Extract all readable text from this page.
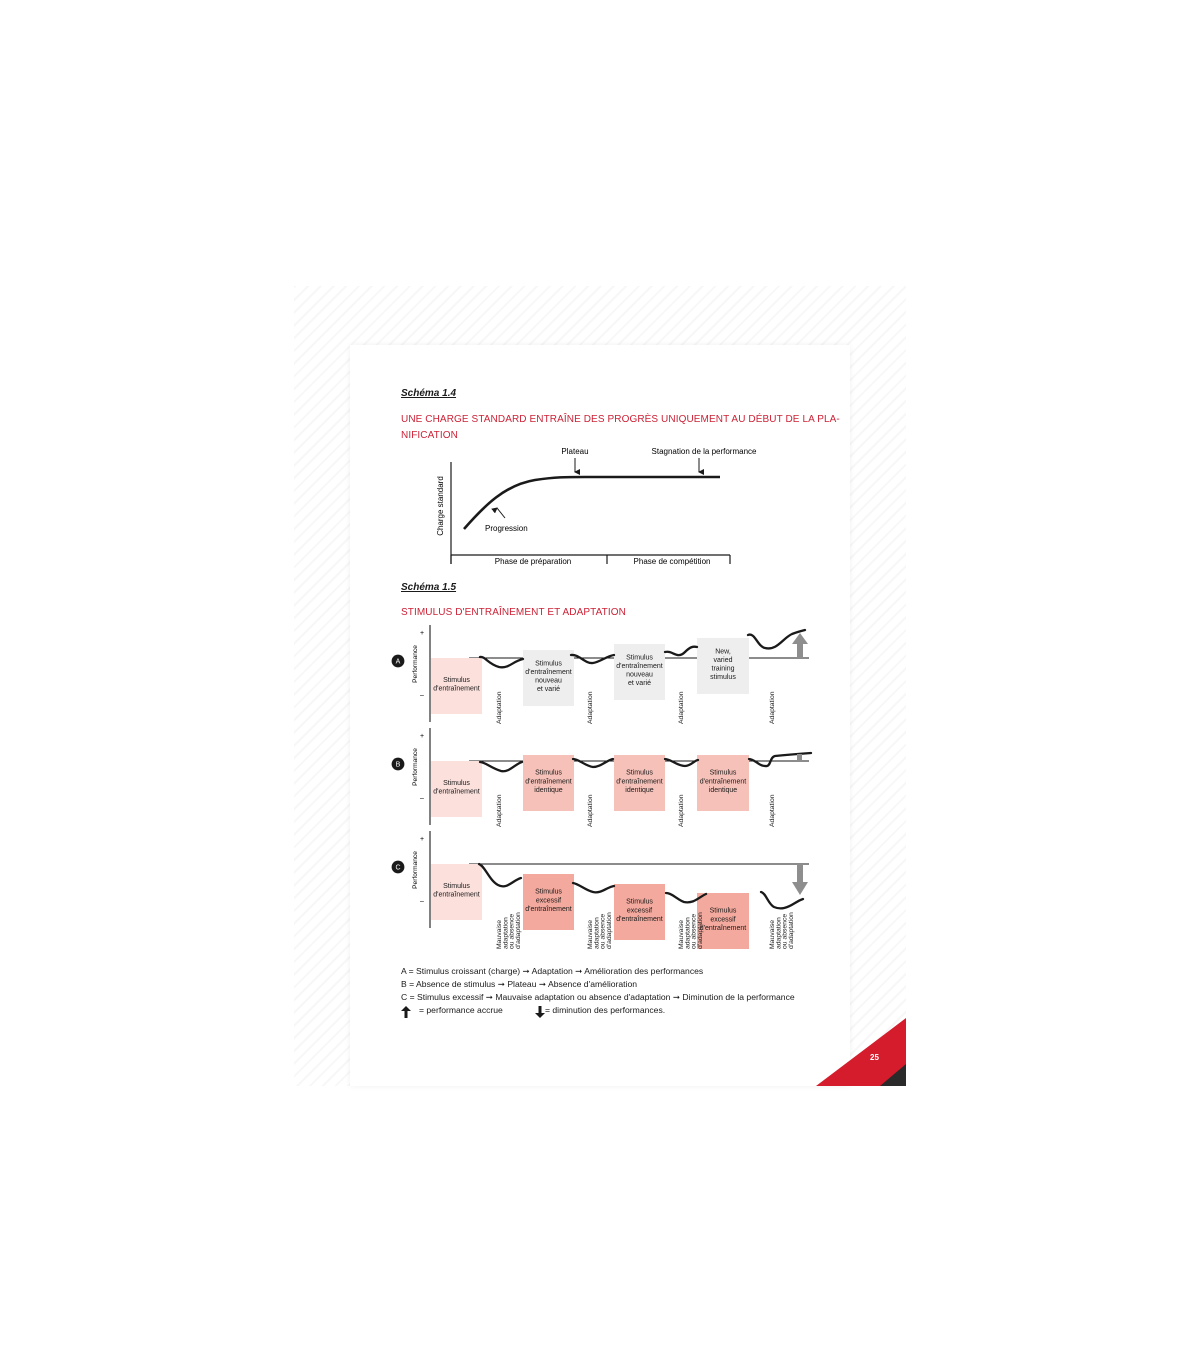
Schéma 1.4
UNE CHARGE STANDARD ENTRAÎNE DES PROGRÈS UNIQUEMENT AU DÉBUT DE LA PLA-
NIFICATION
Plateau	Stagnation de la performance
Progression
Charge standard
Phase de préparation	Phase de compétition
Schéma 1.5
STIMULUS D'ENTRAÎNEMENT ET ADAPTATION
+
–
Performance
A
Stimulus
d'entraînement
Stimulus
d'entraînement
nouveau
et varié
Stimulus
d'entraînement
nouveau
et varié
New,
varied
training
stimulus
Adaptation	Adaptation	Adaptation	Adaptation
+
–
Performance
B
Stimulus
d'entraînement
Stimulus
d'entraînement
identique
Stimulus
d'entraînement
identique
Stimulus
d'entraînement
identique
Adaptation	Adaptation	Adaptation	Adaptation
+
–
Performance
C
Stimulus
d'entraînement	Stimulus
excessif
d'entraînement
Stimulus
excessif
d'entraînement
Stimulus
excessif
d'entraînement
Mauvaise adaptation ou absence d'adaptation	Mauvaise adaptation ou absence d'adaptation	Mauvaise adaptation ou absence d'adaptation	Mauvaise adaptation ou absence d'adaptation
A = Stimulus croissant (charge) ➞ Adaptation ➞ Amélioration des performances
B = Absence de stimulus ➞ Plateau ➞ Absence d'amélioration
C = Stimulus excessif ➞ Mauvaise adaptation ou absence d'adaptation ➞ Diminution de la performance
= performance accrue	= diminution des performances.
25
